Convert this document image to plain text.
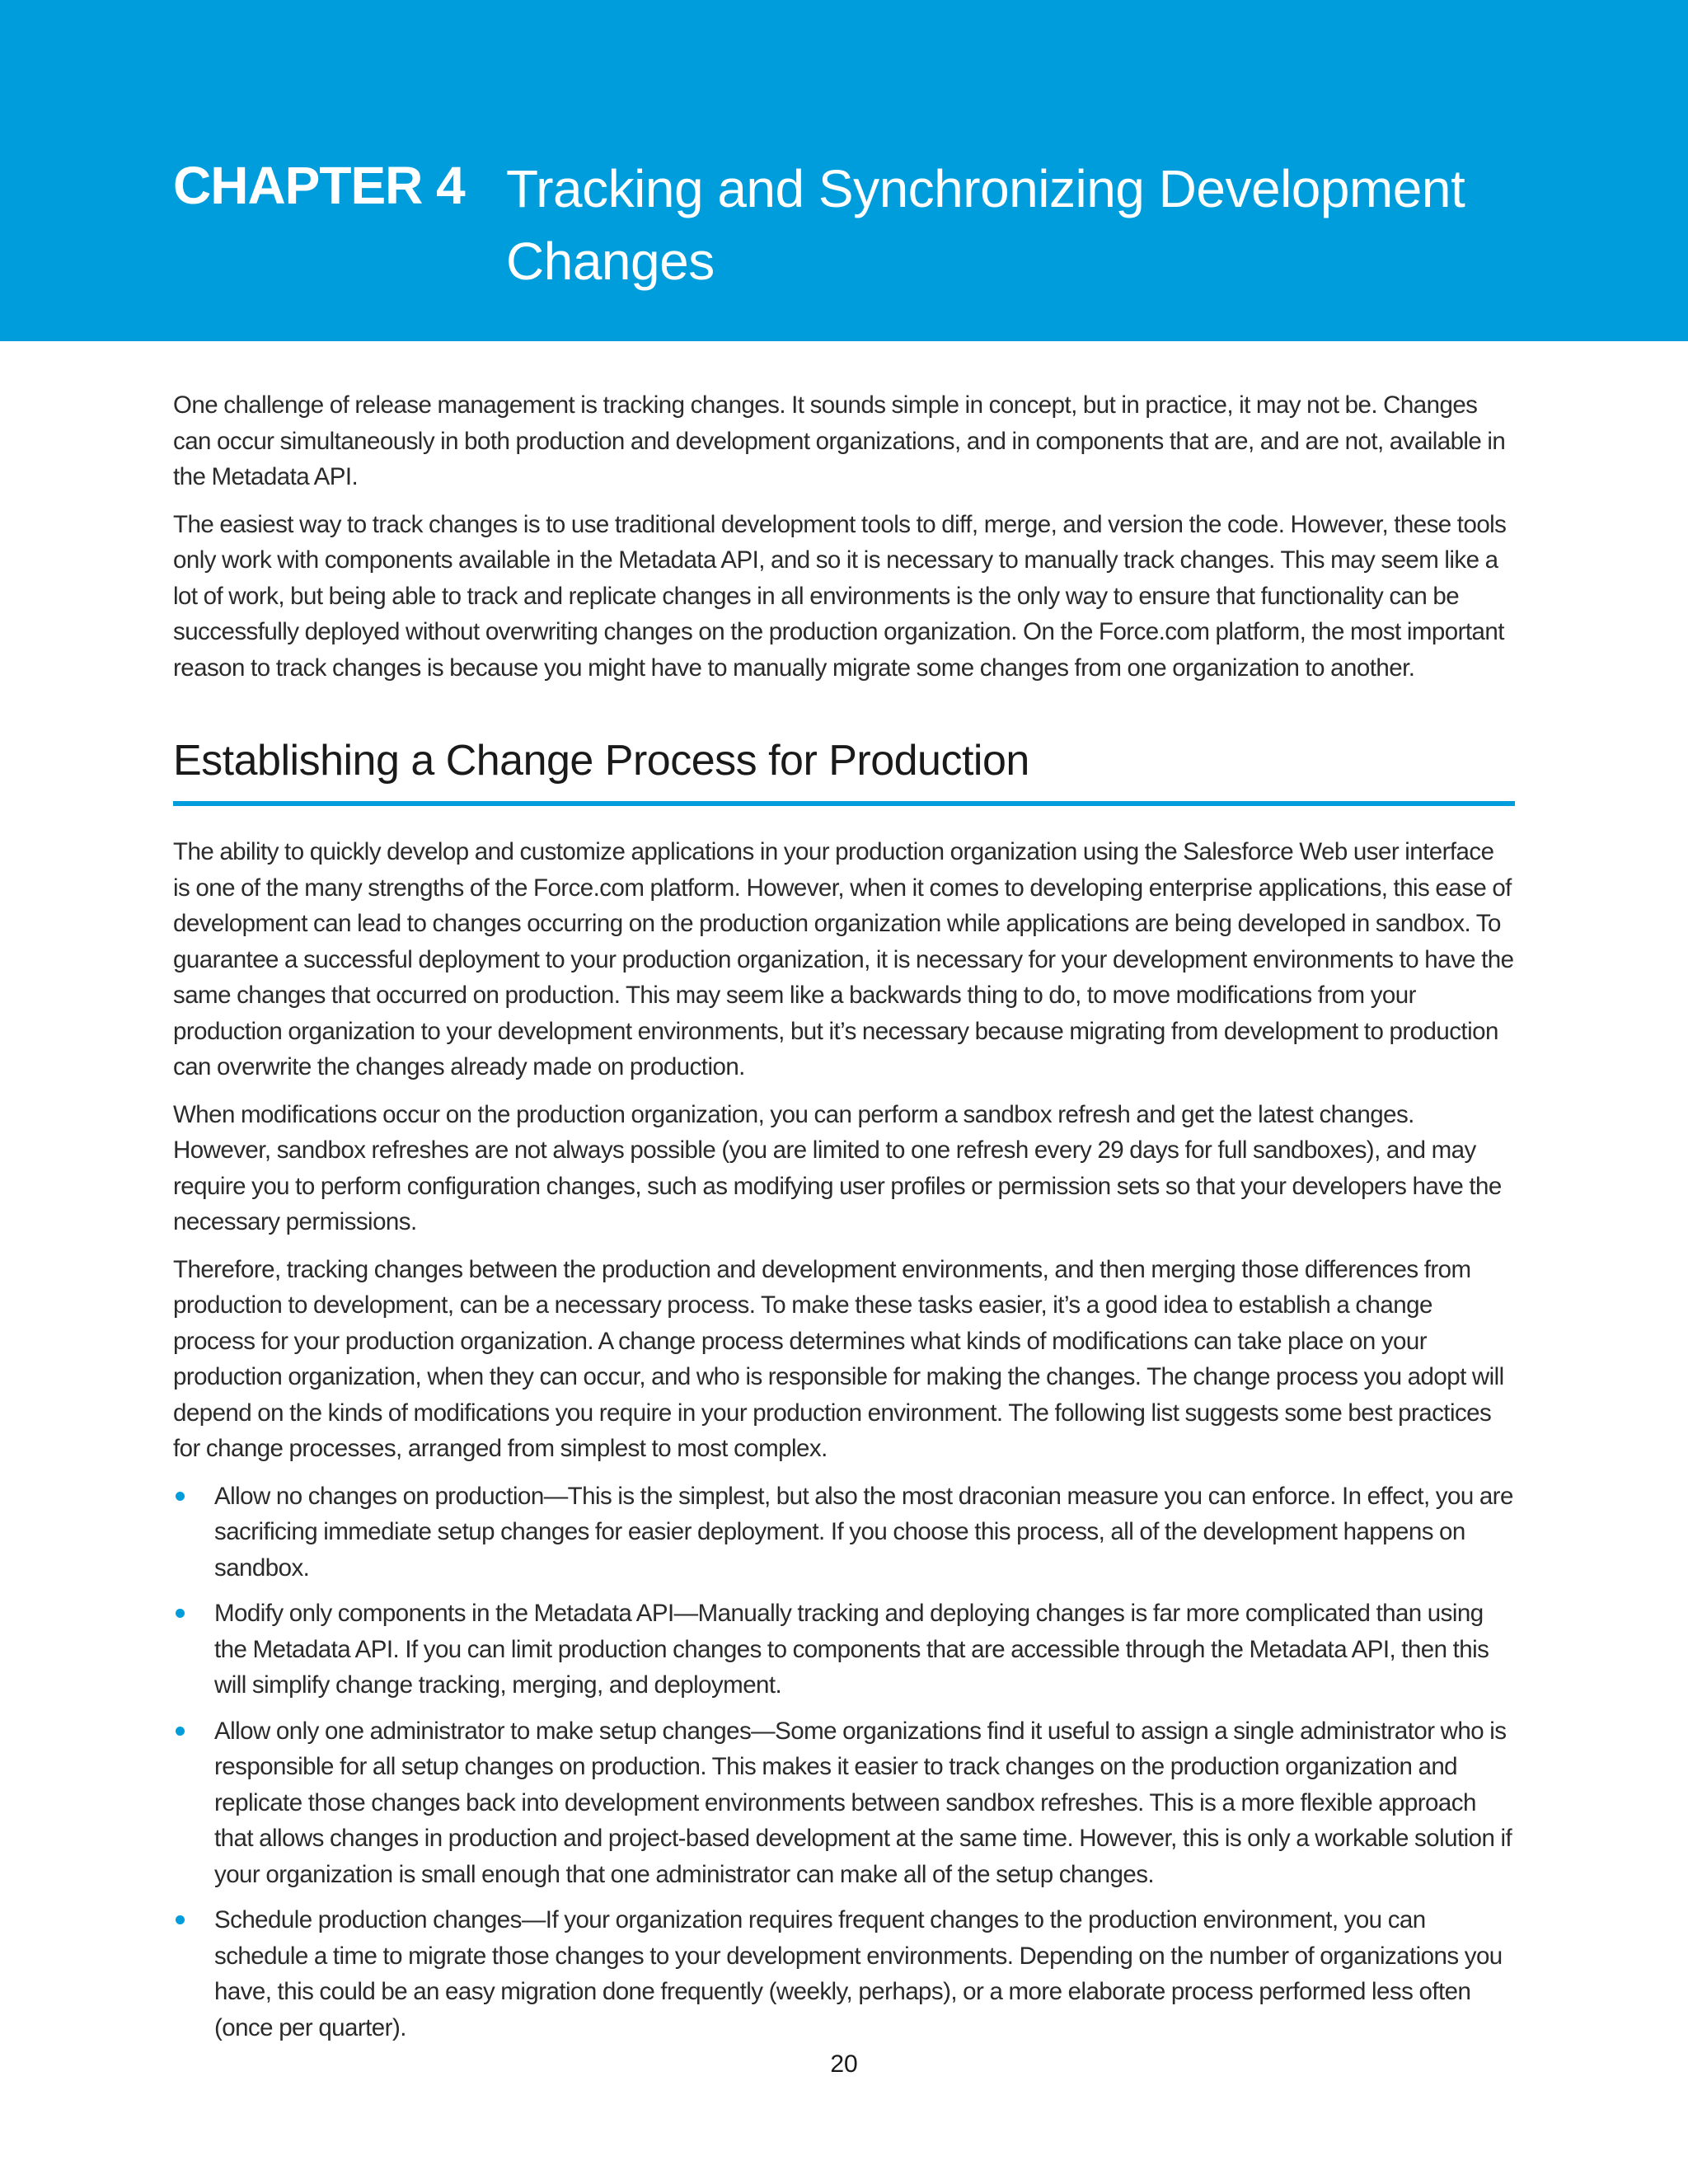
CHAPTER 4 Tracking and Synchronizing Development Changes

One challenge of release management is tracking changes. It sounds simple in concept, but in practice, it may not be. Changes can occur simultaneously in both production and development organizations, and in components that are, and are not, available in the Metadata API.

The easiest way to track changes is to use traditional development tools to diff, merge, and version the code. However, these tools only work with components available in the Metadata API, and so it is necessary to manually track changes. This may seem like a lot of work, but being able to track and replicate changes in all environments is the only way to ensure that functionality can be successfully deployed without overwriting changes on the production organization. On the Force.com platform, the most important reason to track changes is because you might have to manually migrate some changes from one organization to another.

Establishing a Change Process for Production

The ability to quickly develop and customize applications in your production organization using the Salesforce Web user interface is one of the many strengths of the Force.com platform. However, when it comes to developing enterprise applications, this ease of development can lead to changes occurring on the production organization while applications are being developed in sandbox. To guarantee a successful deployment to your production organization, it is necessary for your development environments to have the same changes that occurred on production. This may seem like a backwards thing to do, to move modifications from your production organization to your development environments, but it’s necessary because migrating from development to production can overwrite the changes already made on production.

When modifications occur on the production organization, you can perform a sandbox refresh and get the latest changes. However, sandbox refreshes are not always possible (you are limited to one refresh every 29 days for full sandboxes), and may require you to perform configuration changes, such as modifying user profiles or permission sets so that your developers have the necessary permissions.

Therefore, tracking changes between the production and development environments, and then merging those differences from production to development, can be a necessary process. To make these tasks easier, it’s a good idea to establish a change process for your production organization. A change process determines what kinds of modifications can take place on your production organization, when they can occur, and who is responsible for making the changes. The change process you adopt will depend on the kinds of modifications you require in your production environment. The following list suggests some best practices for change processes, arranged from simplest to most complex.

Allow no changes on production—This is the simplest, but also the most draconian measure you can enforce. In effect, you are sacrificing immediate setup changes for easier deployment. If you choose this process, all of the development happens on sandbox.
Modify only components in the Metadata API—Manually tracking and deploying changes is far more complicated than using the Metadata API. If you can limit production changes to components that are accessible through the Metadata API, then this will simplify change tracking, merging, and deployment.
Allow only one administrator to make setup changes—Some organizations find it useful to assign a single administrator who is responsible for all setup changes on production. This makes it easier to track changes on the production organization and replicate those changes back into development environments between sandbox refreshes. This is a more flexible approach that allows changes in production and project-based development at the same time. However, this is only a workable solution if your organization is small enough that one administrator can make all of the setup changes.
Schedule production changes—If your organization requires frequent changes to the production environment, you can schedule a time to migrate those changes to your development environments. Depending on the number of organizations you have, this could be an easy migration done frequently (weekly, perhaps), or a more elaborate process performed less often (once per quarter).
20
